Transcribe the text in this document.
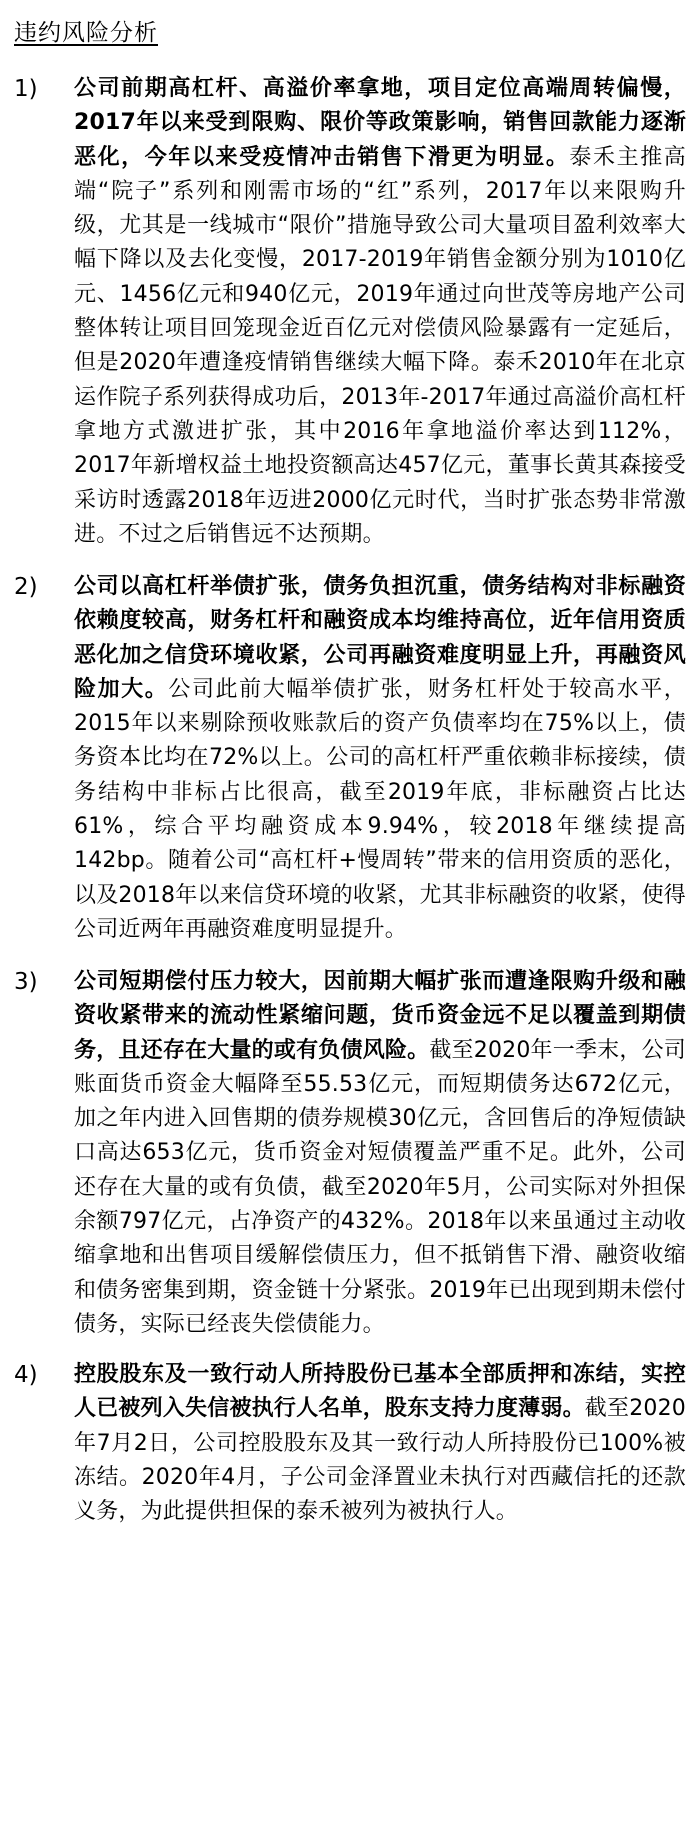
违约风险分析
1)	公司前期高杠杆、高溢价率拿地，项目定位高端周转偏慢，2017年以来受到限购、限价等政策影响，销售回款能力逐渐恶化，今年以来受疫情冲击销售下滑更为明显。泰禾主推高端“院子”系列和刚需市场的“红”系列，2017年以来限购升级，尤其是一线城市“限价”措施导致公司大量项目盈利效率大幅下降以及去化变慢，2017-2019年销售金额分别为1010亿元、1456亿元和940亿元，2019年通过向世茂等房地产公司整体转让项目回笼现金近百亿元对偿债风险暴露有一定延后，但是2020年遭逢疫情销售继续大幅下降。泰禾2010年在北京运作院子系列获得成功后，2013年-2017年通过高溢价高杠杆拿地方式激进扩张，其中2016年拿地溢价率达到112%，2017年新增权益土地投资额高达457亿元，董事长黄其森接受采访时透露2018年迈进2000亿元时代，当时扩张态势非常激进。不过之后销售远不达预期。
2)	公司以高杠杆举债扩张，债务负担沉重，债务结构对非标融资依赖度较高，财务杠杆和融资成本均维持高位，近年信用资质恶化加之信贷环境收紧，公司再融资难度明显上升，再融资风险加大。公司此前大幅举债扩张，财务杠杆处于较高水平，2015年以来剔除预收账款后的资产负债率均在75%以上，债务资本比均在72%以上。公司的高杠杆严重依赖非标接续，债务结构中非标占比很高，截至2019年底，非标融资占比达61%，综合平均融资成本9.94%，较2018年继续提高142bp。随着公司“高杠杆+慢周转”带来的信用资质的恶化，以及2018年以来信贷环境的收紧，尤其非标融资的收紧，使得公司近两年再融资难度明显提升。
3)	公司短期偿付压力较大，因前期大幅扩张而遭逢限购升级和融资收紧带来的流动性紧缩问题，货币资金远不足以覆盖到期债务，且还存在大量的或有负债风险。截至2020年一季末，公司账面货币资金大幅降至55.53亿元，而短期债务达672亿元，加之年内进入回售期的债券规模30亿元，含回售后的净短债缺口高达653亿元，货币资金对短债覆盖严重不足。此外，公司还存在大量的或有负债，截至2020年5月，公司实际对外担保余额797亿元，占净资产的432%。2018年以来虽通过主动收缩拿地和出售项目缓解偿债压力，但不抵销售下滑、融资收缩和债务密集到期，资金链十分紧张。2019年已出现到期未偿付债务，实际已经丧失偿债能力。
4)	控股股东及一致行动人所持股份已基本全部质押和冻结，实控人已被列入失信被执行人名单，股东支持力度薄弱。截至2020年7月2日，公司控股股东及其一致行动人所持股份已100%被冻结。2020年4月，子公司金泽置业未执行对西藏信托的还款义务，为此提供担保的泰禾被列为被执行人。
